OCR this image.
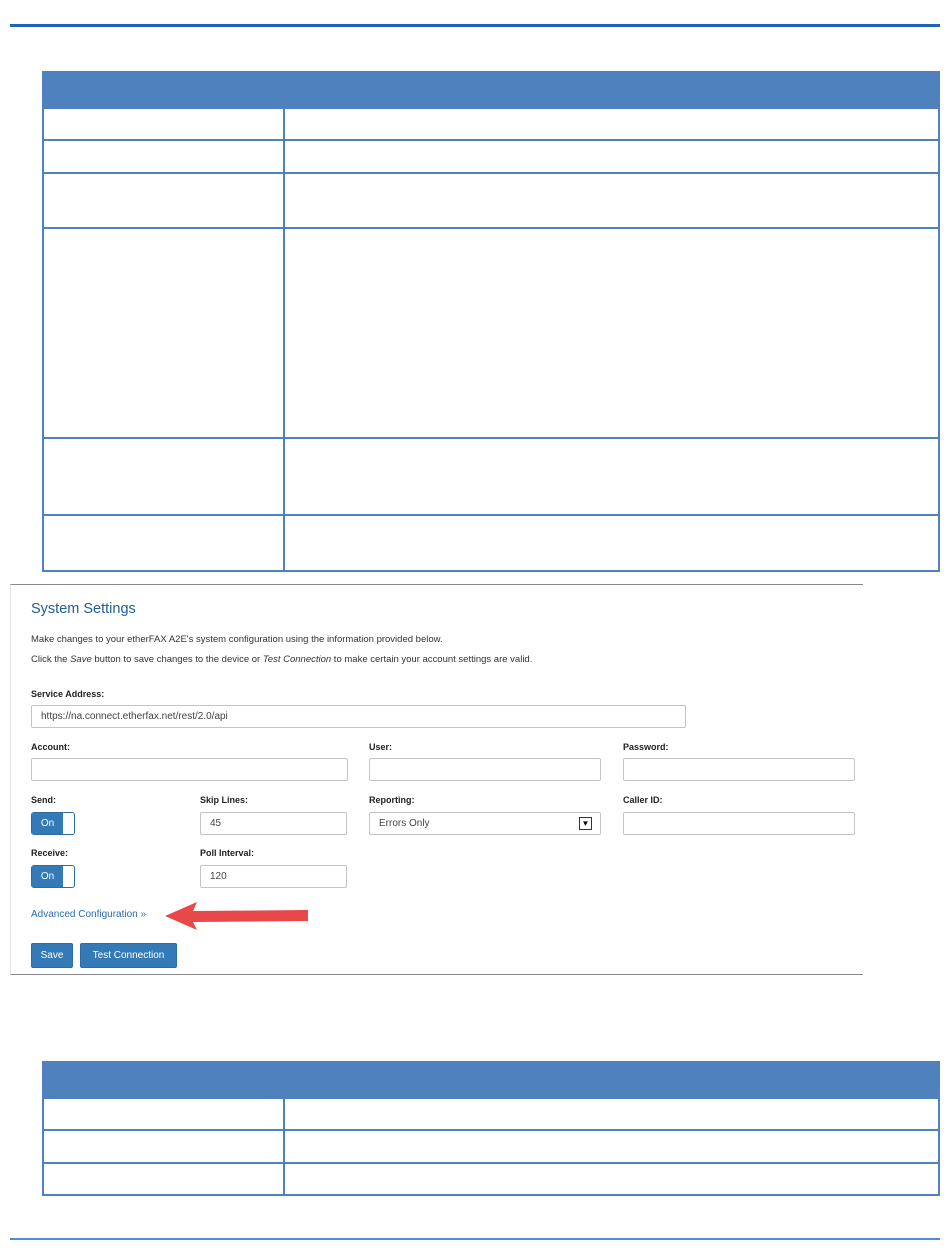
System Settings
Make changes to your etherFAX A2E's system configuration using the information provided below.
Click the Save button to save changes to the device or Test Connection to make certain your account settings are valid.
Service Address:
https://na.connect.etherfax.net/rest/2.0/api
Account:	User:	Password:
Send:
On
Skip Lines:
45
Reporting:
Errors Only	▼
Caller ID:
Receive:
On
Poll Interval:
120
Advanced Configuration »
Save	Test Connection
